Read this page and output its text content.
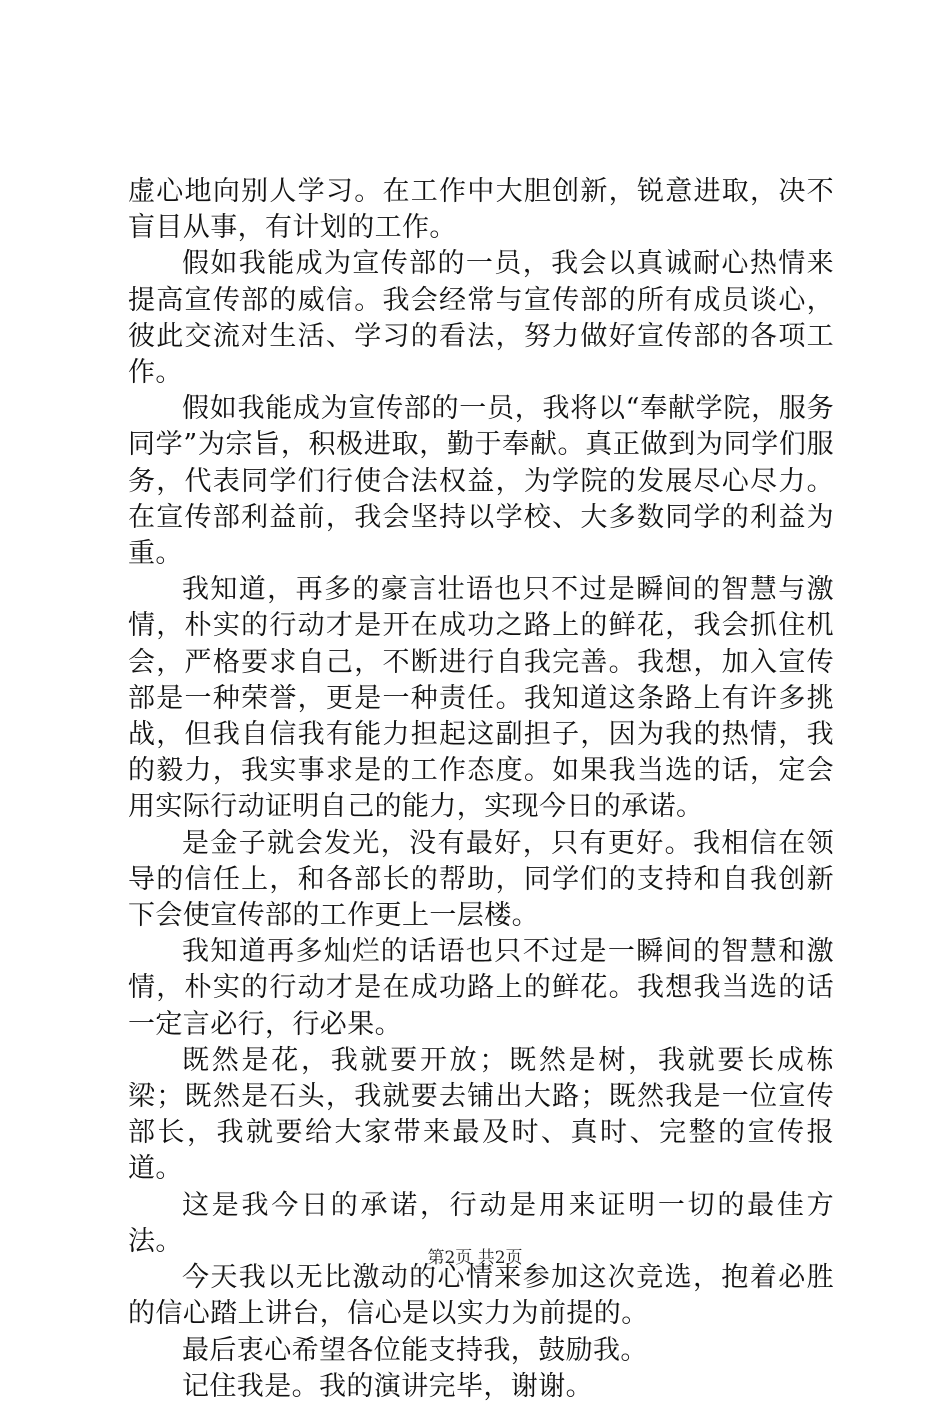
虚心地向别人学习。在工作中大胆创新，锐意进取，决不盲目从事，有计划的工作。

假如我能成为宣传部的一员，我会以真诚耐心热情来提高宣传部的威信。我会经常与宣传部的所有成员谈心，彼此交流对生活、学习的看法，努力做好宣传部的各项工作。

假如我能成为宣传部的一员，我将以“奉献学院，服务同学”为宗旨，积极进取，勤于奉献。真正做到为同学们服务，代表同学们行使合法权益，为学院的发展尽心尽力。在宣传部利益前，我会坚持以学校、大多数同学的利益为重。

我知道，再多的豪言壮语也只不过是瞬间的智慧与激情，朴实的行动才是开在成功之路上的鲜花，我会抓住机会，严格要求自己，不断进行自我完善。我想，加入宣传部是一种荣誉，更是一种责任。我知道这条路上有许多挑战，但我自信我有能力担起这副担子，因为我的热情，我的毅力，我实事求是的工作态度。如果我当选的话，定会用实际行动证明自己的能力，实现今日的承诺。

是金子就会发光，没有最好，只有更好。我相信在领导的信任上，和各部长的帮助，同学们的支持和自我创新下会使宣传部的工作更上一层楼。

我知道再多灿烂的话语也只不过是一瞬间的智慧和激情，朴实的行动才是在成功路上的鲜花。我想我当选的话一定言必行，行必果。

既然是花，我就要开放；既然是树，我就要长成栋梁；既然是石头，我就要去铺出大路；既然我是一位宣传部长，我就要给大家带来最及时、真时、完整的宣传报道。

这是我今日的承诺，行动是用来证明一切的最佳方法。

今天我以无比激动的心情来参加这次竞选，抱着必胜的信心踏上讲台，信心是以实力为前提的。

最后衷心希望各位能支持我，鼓励我。

记住我是。我的演讲完毕，谢谢。

第2页 共2页
